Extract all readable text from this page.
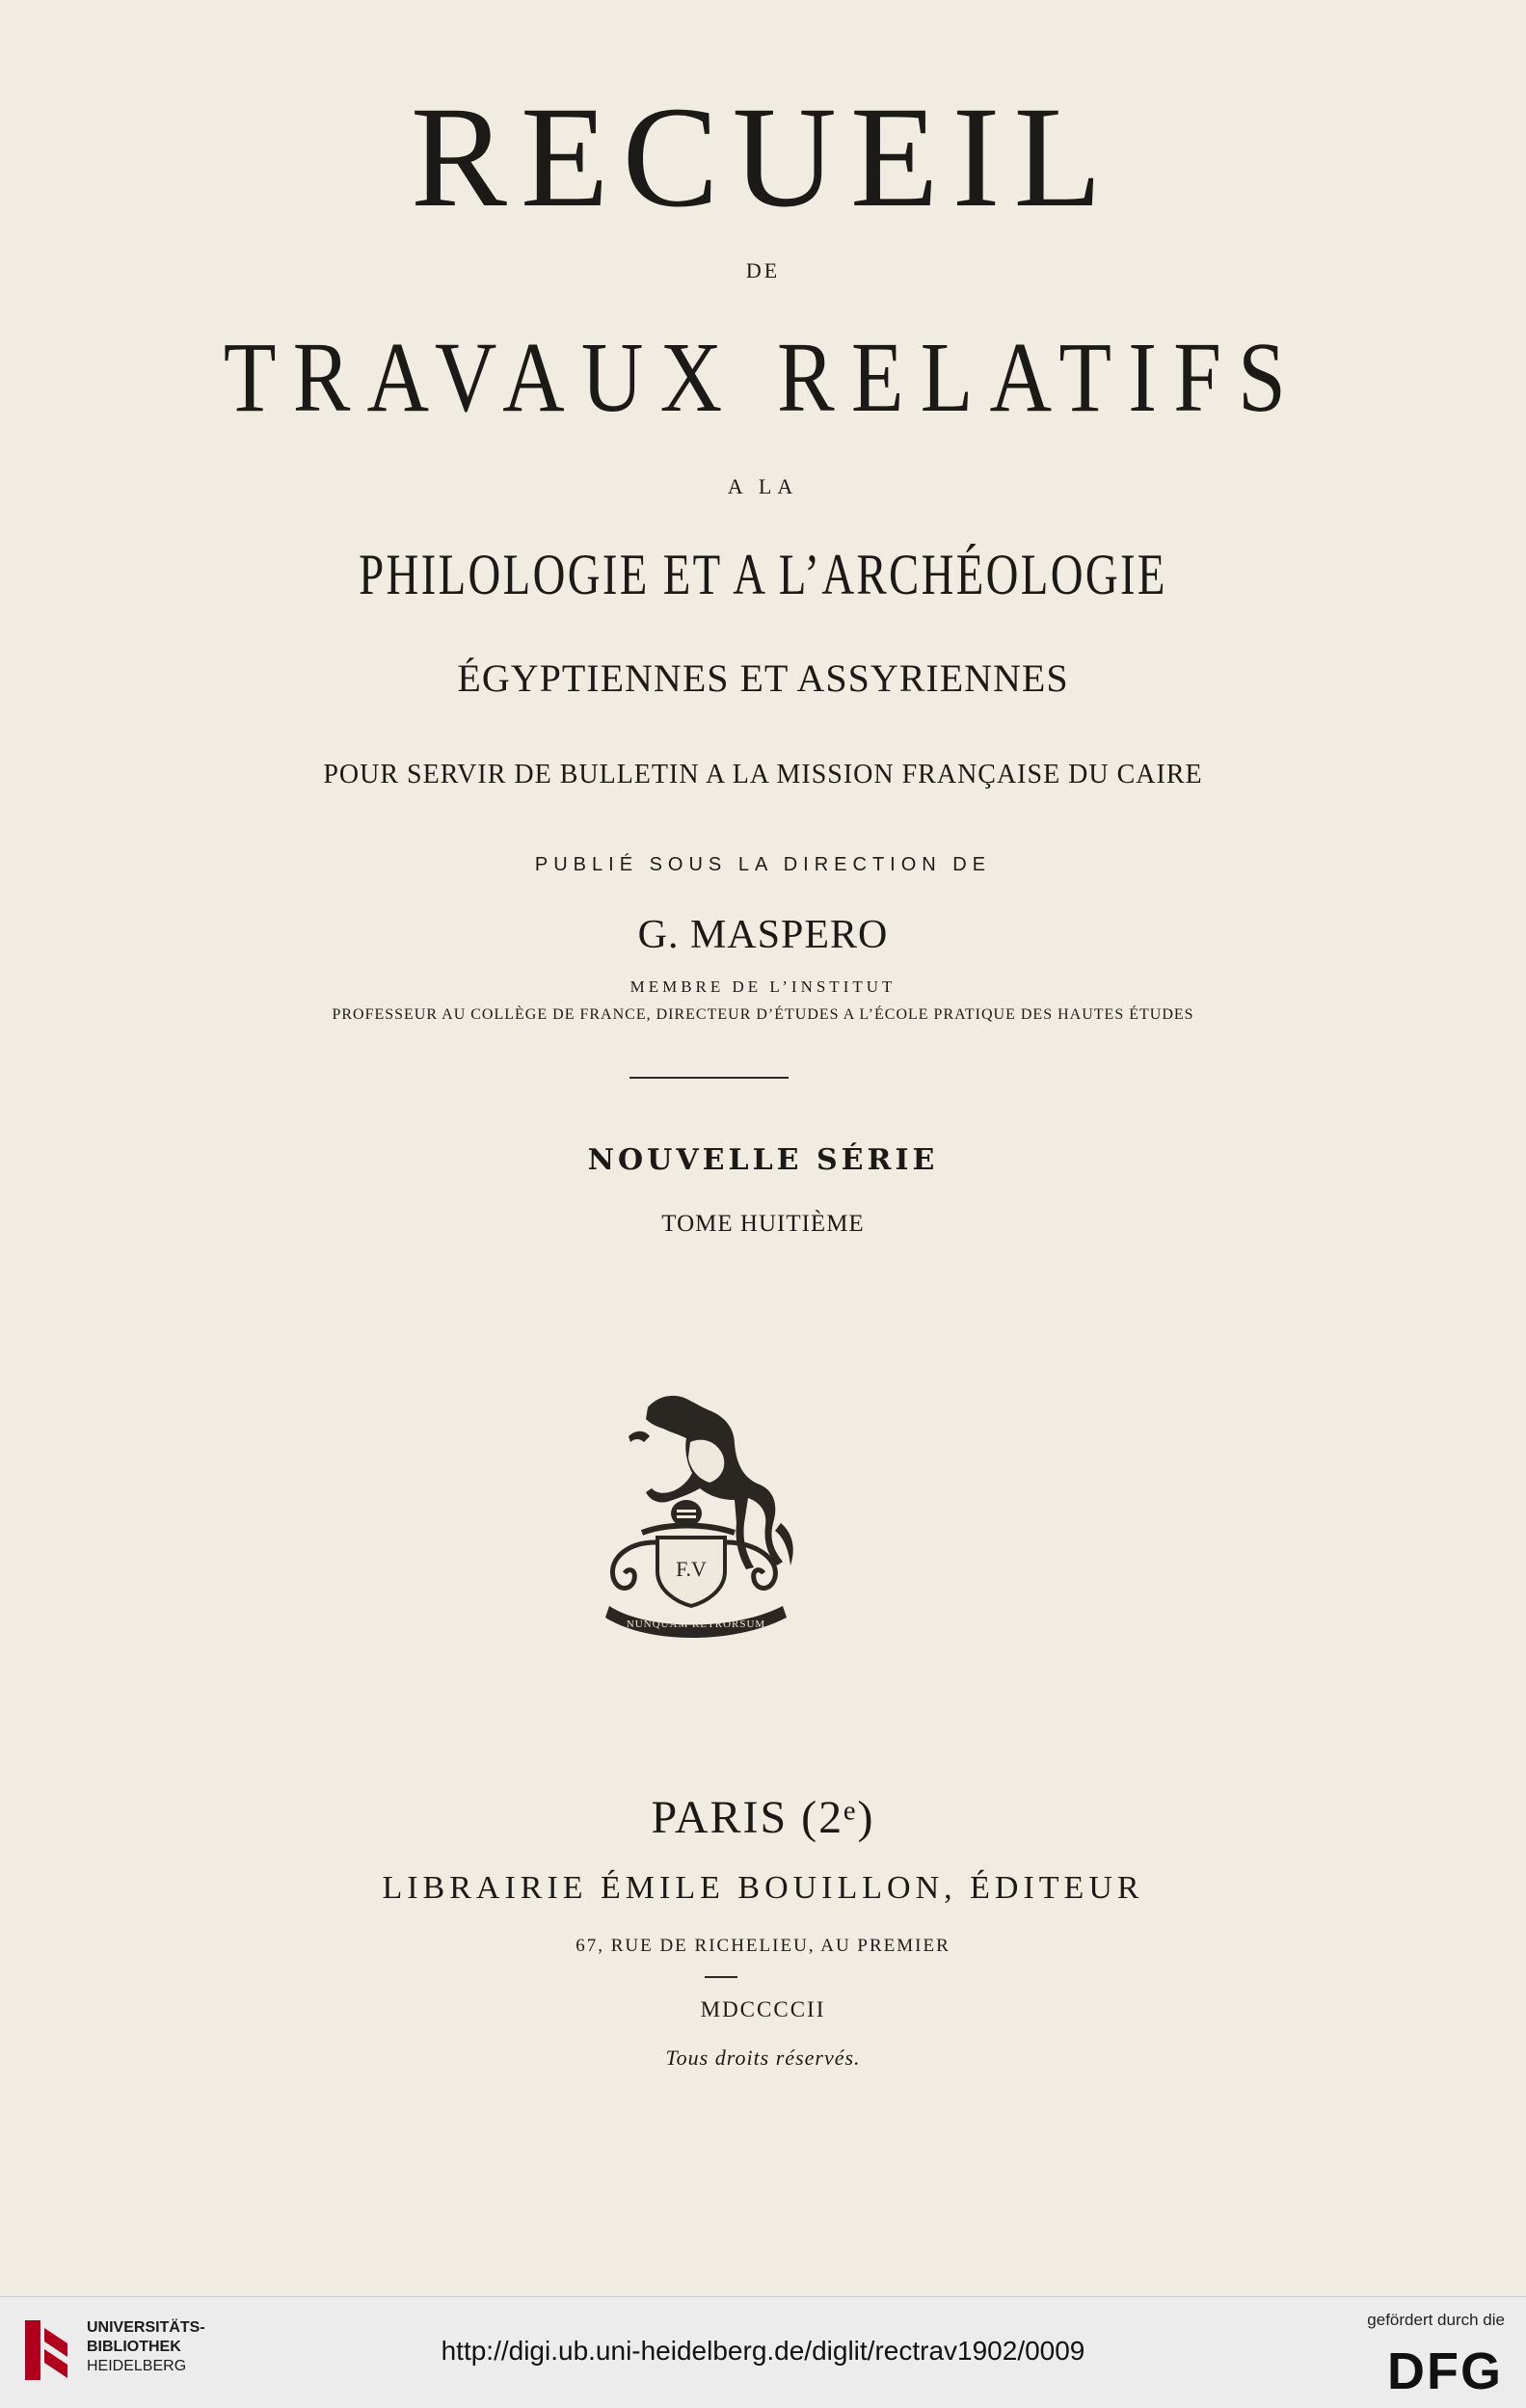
RECUEIL
DE
TRAVAUX RELATIFS
A LA
PHILOLOGIE ET A L’ARCHÉOLOGIE
ÉGYPTIENNES ET ASSYRIENNES
POUR SERVIR DE BULLETIN A LA MISSION FRANÇAISE DU CAIRE
PUBLIÉ SOUS LA DIRECTION DE
G. MASPERO
MEMBRE DE L’INSTITUT
PROFESSEUR AU COLLÈGE DE FRANCE, DIRECTEUR D’ÉTUDES A L’ÉCOLE PRATIQUE DES HAUTES ÉTUDES
NOUVELLE SÉRIE
TOME HUITIÈME
F.V
NUNQUAM RETRORSUM
PARIS (2ᵉ)
LIBRAIRIE ÉMILE BOUILLON, ÉDITEUR
67, RUE DE RICHELIEU, AU PREMIER
MDCCCCII
Tous droits réservés.
UNIVERSITÄTS-
BIBLIOTHEK
HEIDELBERG
http://digi.ub.uni-heidelberg.de/diglit/rectrav1902/0009
gefördert durch die
DFG
